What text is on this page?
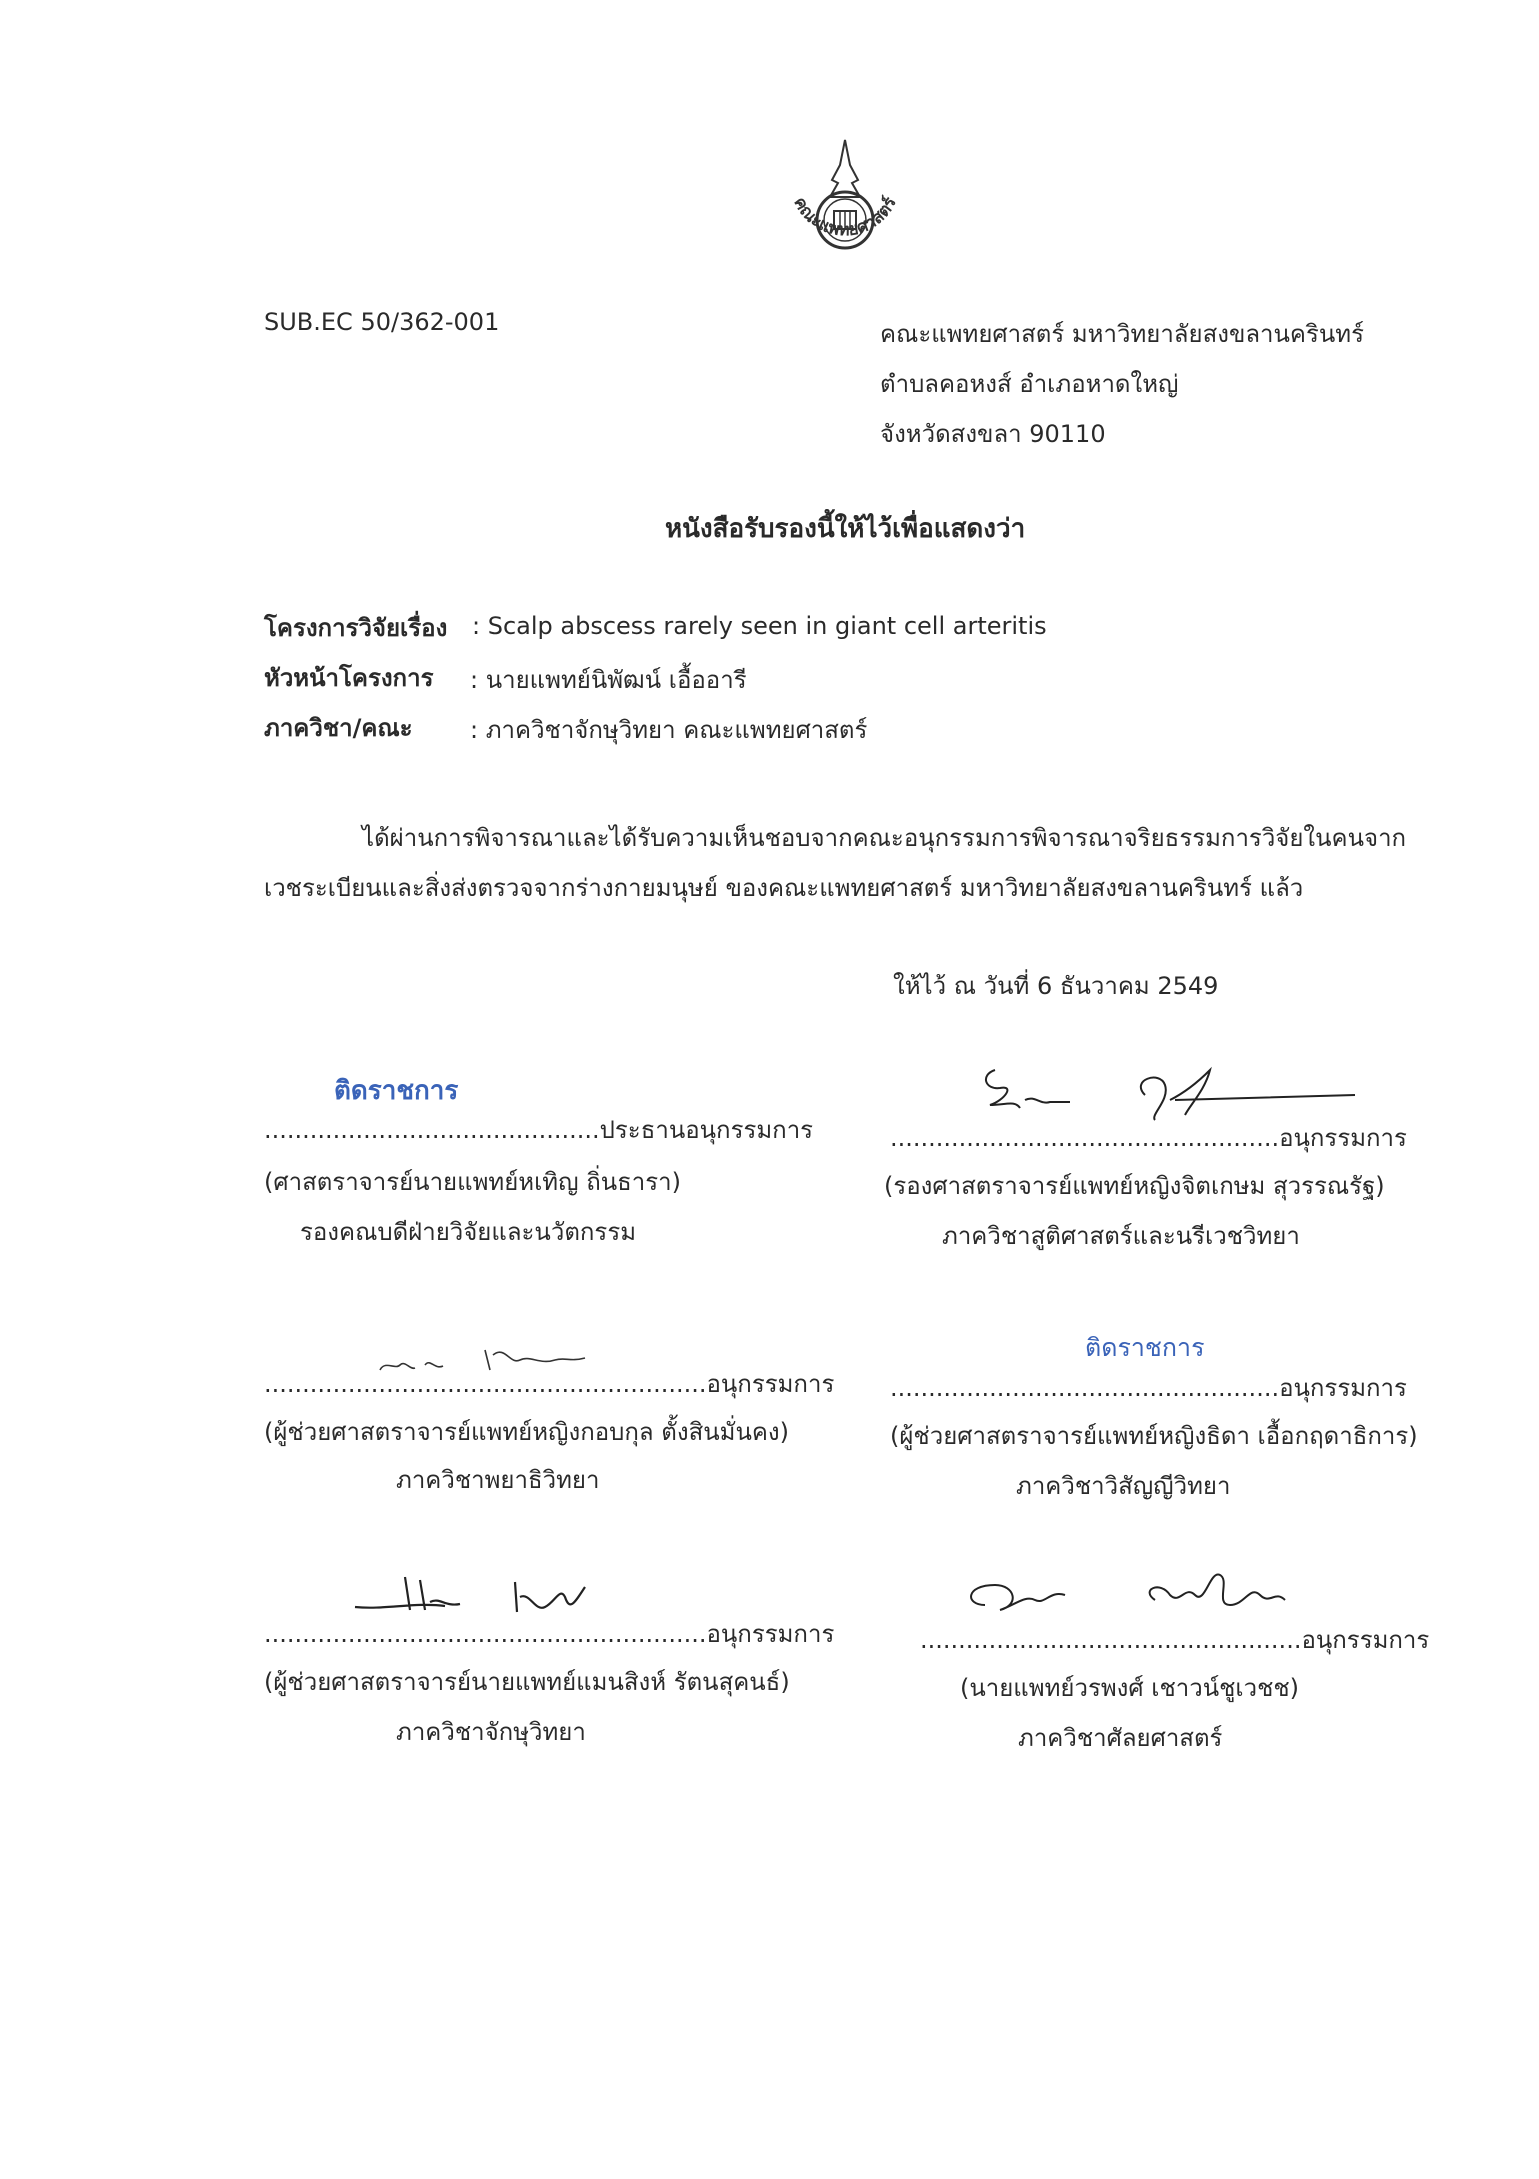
คณะแพทยศาสตร์
SUB.EC 50/362-001	คณะแพทยศาสตร์ มหาวิทยาลัยสงขลานครินทร์
ตำบลคอหงส์ อำเภอหาดใหญ่
จังหวัดสงขลา 90110
หนังสือรับรองนี้ให้ไว้เพื่อแสดงว่า
โครงการวิจัยเรื่อง : Scalp abscess rarely seen in giant cell arteritis
หัวหน้าโครงการ : นายแพทย์นิพัฒน์ เอื้ออารี
ภาควิชา/คณะ : ภาควิชาจักษุวิทยา คณะแพทยศาสตร์
ได้ผ่านการพิจารณาและได้รับความเห็นชอบจากคณะอนุกรรมการพิจารณาจริยธรรมการวิจัยในคนจาก
เวชระเบียนและสิ่งส่งตรวจจากร่างกายมนุษย์ ของคณะแพทยศาสตร์ มหาวิทยาลัยสงขลานครินทร์ แล้ว
ให้ไว้ ณ วันที่ 6 ธันวาคม 2549
ติดราชการ
............................................ประธานอนุกรรมการ
(ศาสตราจารย์นายแพทย์หเทิญ ถิ่นธารา)
รองคณบดีฝ่ายวิจัยและนวัตกรรม
...................................................อนุกรรมการ
(รองศาสตราจารย์แพทย์หญิงจิตเกษม สุวรรณรัฐ)
ภาควิชาสูติศาสตร์และนรีเวชวิทยา
..........................................................อนุกรรมการ
(ผู้ช่วยศาสตราจารย์แพทย์หญิงกอบกุล ตั้งสินมั่นคง)
ภาควิชาพยาธิวิทยา
ติดราชการ
...................................................อนุกรรมการ
(ผู้ช่วยศาสตราจารย์แพทย์หญิงธิดา เอื้อกฤดาธิการ)
ภาควิชาวิสัญญีวิทยา
..........................................................อนุกรรมการ
(ผู้ช่วยศาสตราจารย์นายแพทย์แมนสิงห์ รัตนสุคนธ์)
ภาควิชาจักษุวิทยา
..................................................อนุกรรมการ
(นายแพทย์วรพงศ์ เชาวน์ชูเวชช)
ภาควิชาศัลยศาสตร์
